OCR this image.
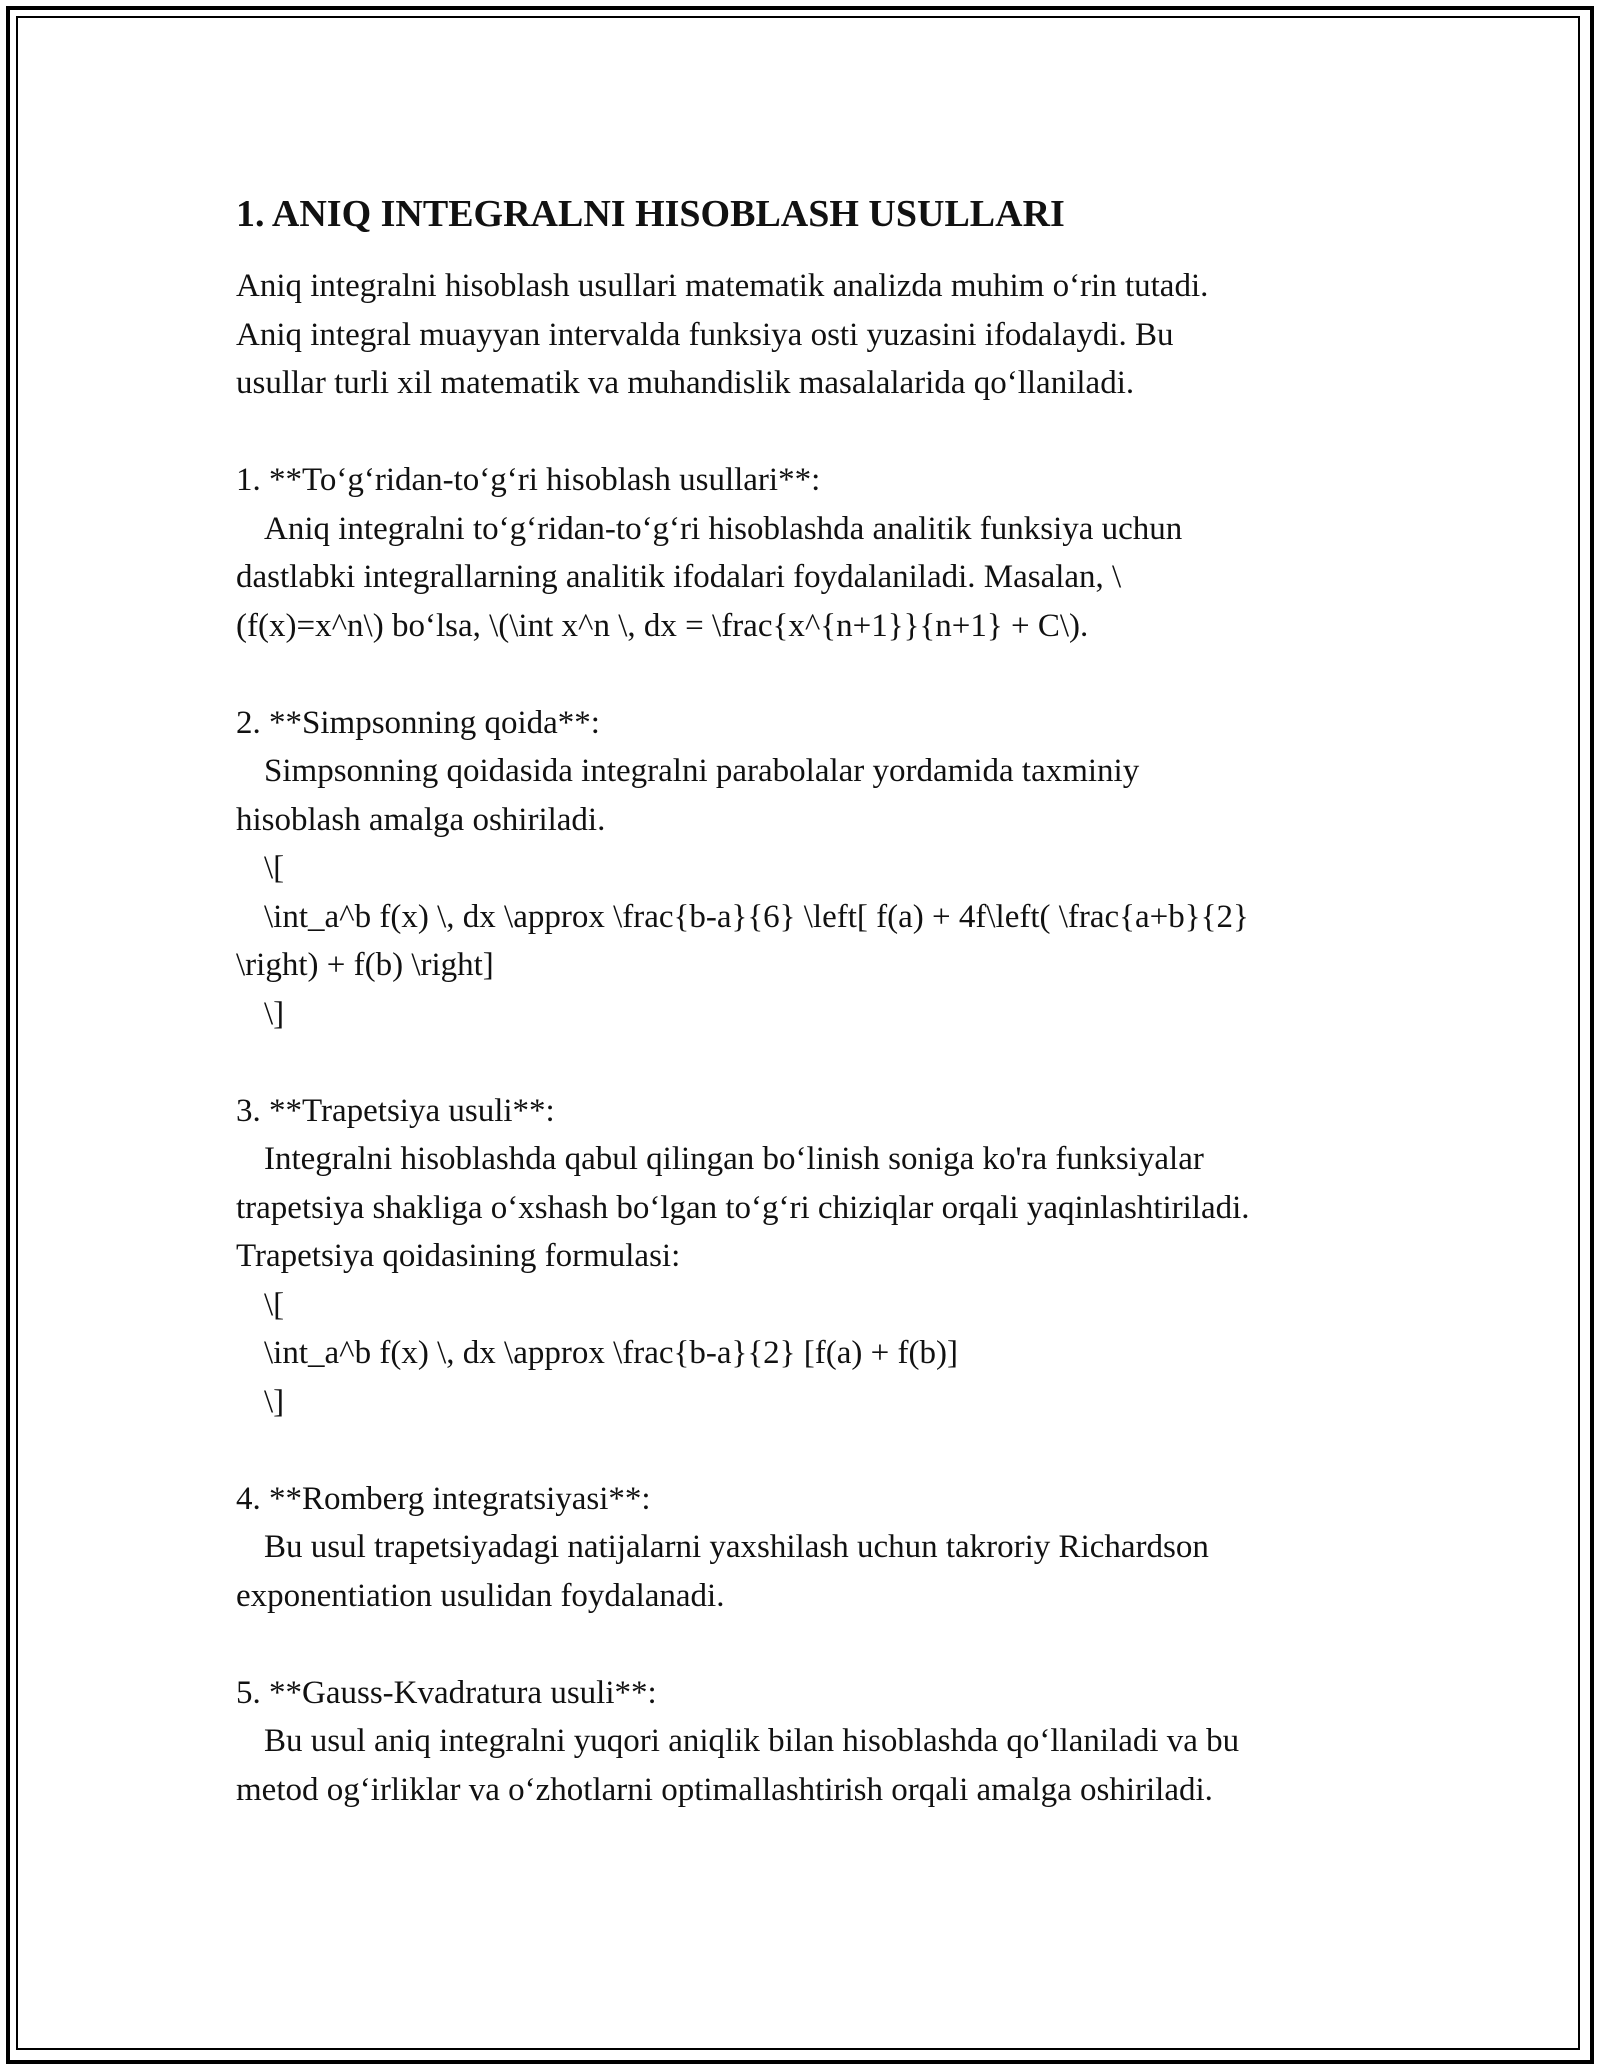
1. ANIQ INTEGRALNI HISOBLASH USULLARI
Aniq integralni hisoblash usullari matematik analizda muhim o‘rin tutadi.
Aniq integral muayyan intervalda funksiya osti yuzasini ifodalaydi. Bu
usullar turli xil matematik va muhandislik masalalarida qo‘llaniladi.
1. **To‘g‘ridan-to‘g‘ri hisoblash usullari**:
Aniq integralni to‘g‘ridan-to‘g‘ri hisoblashda analitik funksiya uchun
dastlabki integrallarning analitik ifodalari foydalaniladi. Masalan, \
(f(x)=x^n\) bo‘lsa, \(\int x^n \, dx = \frac{x^{n+1}}{n+1} + C\).
2. **Simpsonning qoida**:
Simpsonning qoidasida integralni parabolalar yordamida taxminiy
hisoblash amalga oshiriladi.
\[
\int_a^b f(x) \, dx \approx \frac{b-a}{6} \left[ f(a) + 4f\left( \frac{a+b}{2}
\right) + f(b) \right]
\]
3. **Trapetsiya usuli**:
Integralni hisoblashda qabul qilingan bo‘linish soniga ko'ra funksiyalar
trapetsiya shakliga o‘xshash bo‘lgan to‘g‘ri chiziqlar orqali yaqinlashtiriladi.
Trapetsiya qoidasining formulasi:
\[
\int_a^b f(x) \, dx \approx \frac{b-a}{2} [f(a) + f(b)]
\]
4. **Romberg integratsiyasi**:
Bu usul trapetsiyadagi natijalarni yaxshilash uchun takroriy Richardson
exponentiation usulidan foydalanadi.
5. **Gauss-Kvadratura usuli**:
Bu usul aniq integralni yuqori aniqlik bilan hisoblashda qo‘llaniladi va bu
metod og‘irliklar va o‘zhotlarni optimallashtirish orqali amalga oshiriladi.
